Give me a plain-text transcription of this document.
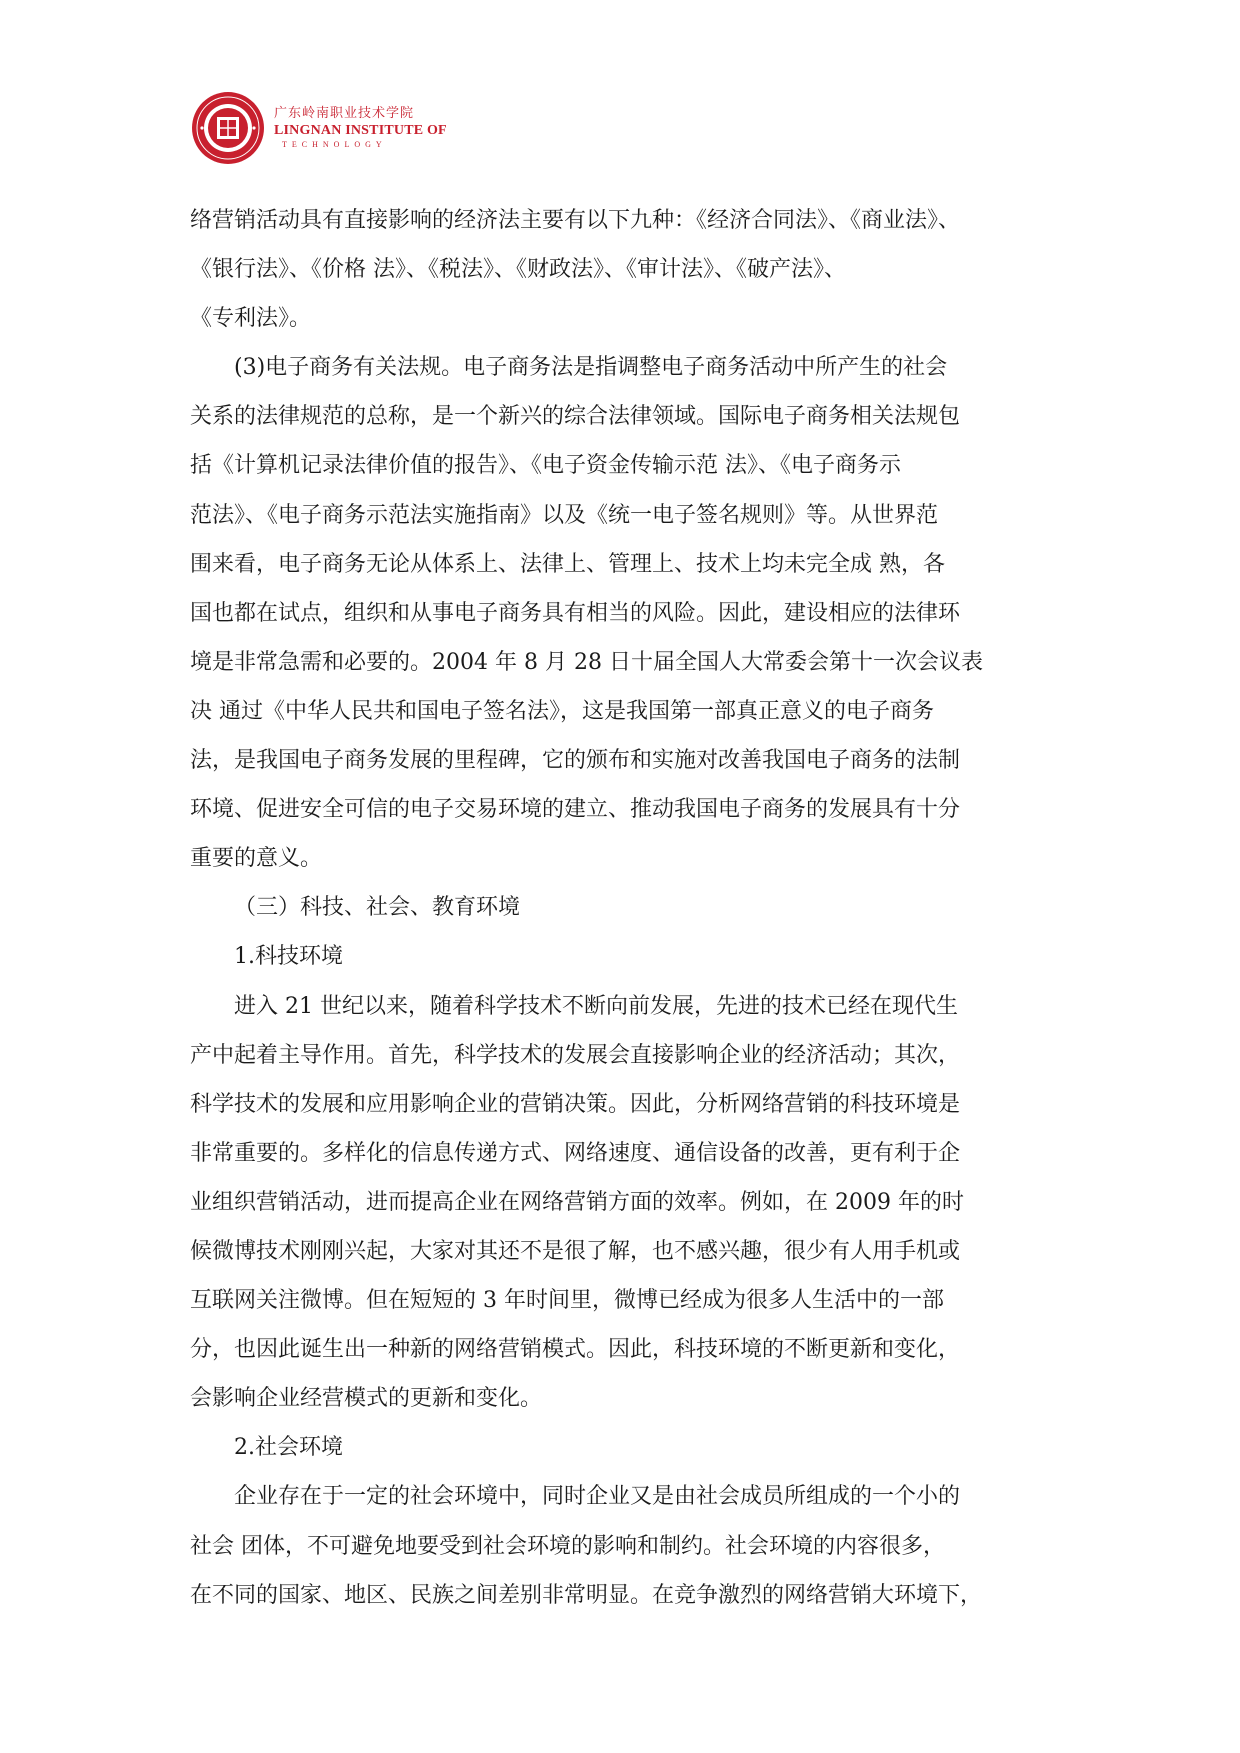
广东岭南职业技术学院
LINGNAN INSTITUTE OF
TECHNOLOGY
络营销活动具有直接影响的经济法主要有以下九种：《经济合同法》、《商业法》、
《银行法》、《价格 法》、《税法》、《财政法》、《审计法》、《破产法》、
《专利法》。
(3)电子商务有关法规。电子商务法是指调整电子商务活动中所产生的社会
关系的法律规范的总称，是一个新兴的综合法律领域。国际电子商务相关法规包
括《计算机记录法律价值的报告》、《电子资金传输示范 法》、《电子商务示
范法》、《电子商务示范法实施指南》以及《统一电子签名规则》等。从世界范
围来看，电子商务无论从体系上、法律上、管理上、技术上均未完全成 熟，各
国也都在试点，组织和从事电子商务具有相当的风险。因此，建设相应的法律环
境是非常急需和必要的。2004 年 8 月 28 日十届全国人大常委会第十一次会议表
决 通过《中华人民共和国电子签名法》，这是我国第一部真正意义的电子商务
法，是我国电子商务发展的里程碑，它的颁布和实施对改善我国电子商务的法制
环境、促进安全可信的电子交易环境的建立、推动我国电子商务的发展具有十分
重要的意义。
（三）科技、社会、教育环境
1.科技环境
进入 21 世纪以来，随着科学技术不断向前发展，先进的技术已经在现代生
产中起着主导作用。首先，科学技术的发展会直接影响企业的经济活动；其次，
科学技术的发展和应用影响企业的营销决策。因此，分析网络营销的科技环境是
非常重要的。多样化的信息传递方式、网络速度、通信设备的改善，更有利于企
业组织营销活动，进而提高企业在网络营销方面的效率。例如，在 2009 年的时
候微博技术刚刚兴起，大家对其还不是很了解，也不感兴趣，很少有人用手机或
互联网关注微博。但在短短的 3 年时间里，微博已经成为很多人生活中的一部
分，也因此诞生出一种新的网络营销模式。因此，科技环境的不断更新和变化，
会影响企业经营模式的更新和变化。
2.社会环境
企业存在于一定的社会环境中，同时企业又是由社会成员所组成的一个小的
社会 团体，不可避免地要受到社会环境的影响和制约。社会环境的内容很多，
在不同的国家、地区、民族之间差别非常明显。在竞争激烈的网络营销大环境下，
